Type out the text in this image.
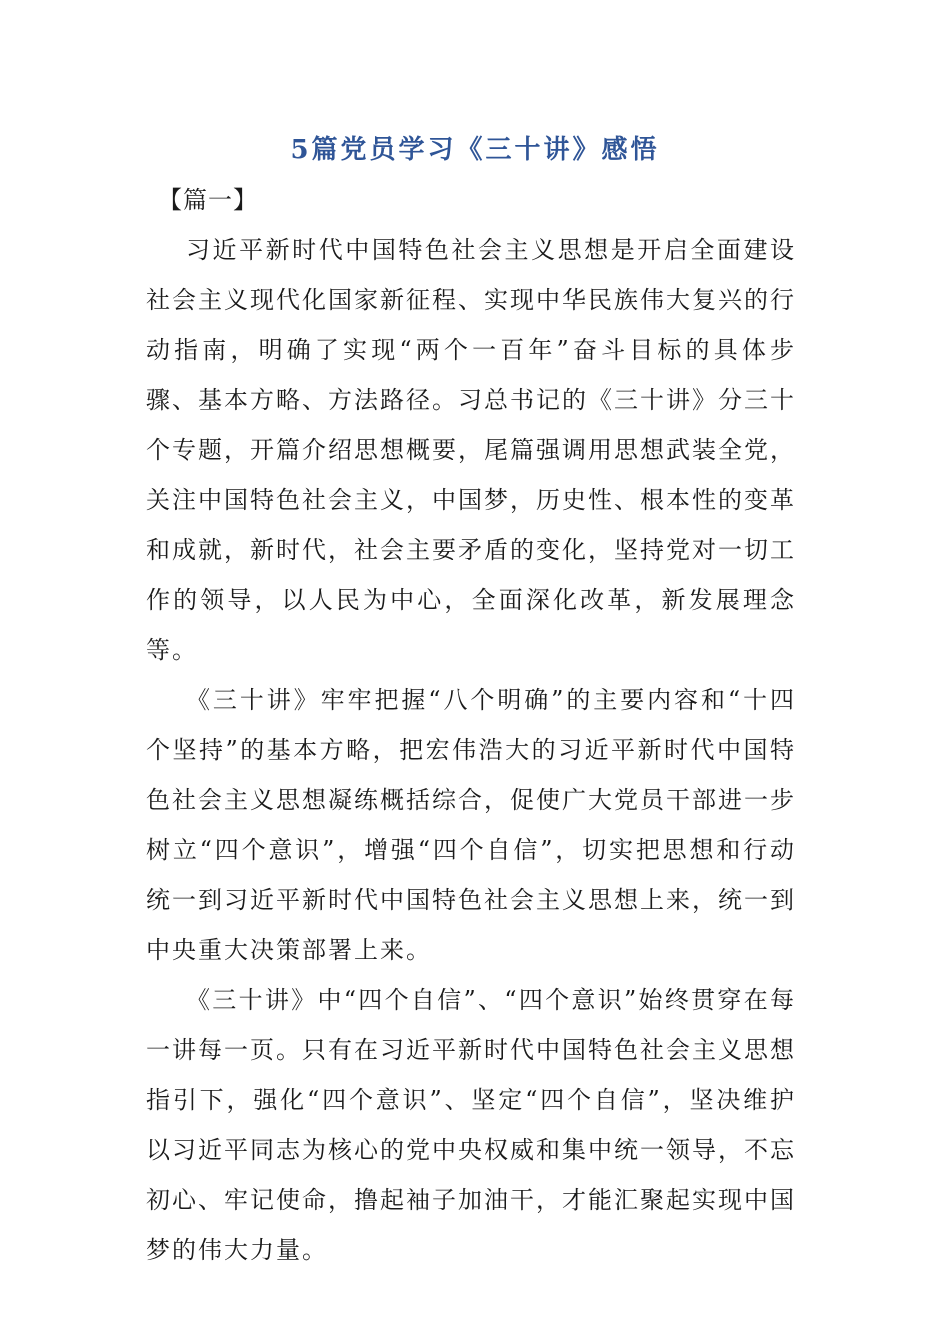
5篇党员学习《三十讲》感悟
【篇一】

习近平新时代中国特色社会主义思想是开启全面建设社会主义现代化国家新征程、实现中华民族伟大复兴的行动指南，明确了实现“两个一百年”奋斗目标的具体步骤、基本方略、方法路径。习总书记的《三十讲》分三十个专题，开篇介绍思想概要，尾篇强调用思想武装全党，关注中国特色社会主义，中国梦，历史性、根本性的变革和成就，新时代，社会主要矛盾的变化，坚持党对一切工作的领导，以人民为中心，全面深化改革，新发展理念等。

《三十讲》牢牢把握“八个明确”的主要内容和“十四个坚持”的基本方略，把宏伟浩大的习近平新时代中国特色社会主义思想凝练概括综合，促使广大党员干部进一步树立“四个意识”，增强“四个自信”，切实把思想和行动统一到习近平新时代中国特色社会主义思想上来，统一到中央重大决策部署上来。

《三十讲》中“四个自信”、“四个意识”始终贯穿在每一讲每一页。只有在习近平新时代中国特色社会主义思想指引下，强化“四个意识”、坚定“四个自信”，坚决维护以习近平同志为核心的党中央权威和集中统一领导，不忘初心、牢记使命，撸起袖子加油干，才能汇聚起实现中国梦的伟大力量。
